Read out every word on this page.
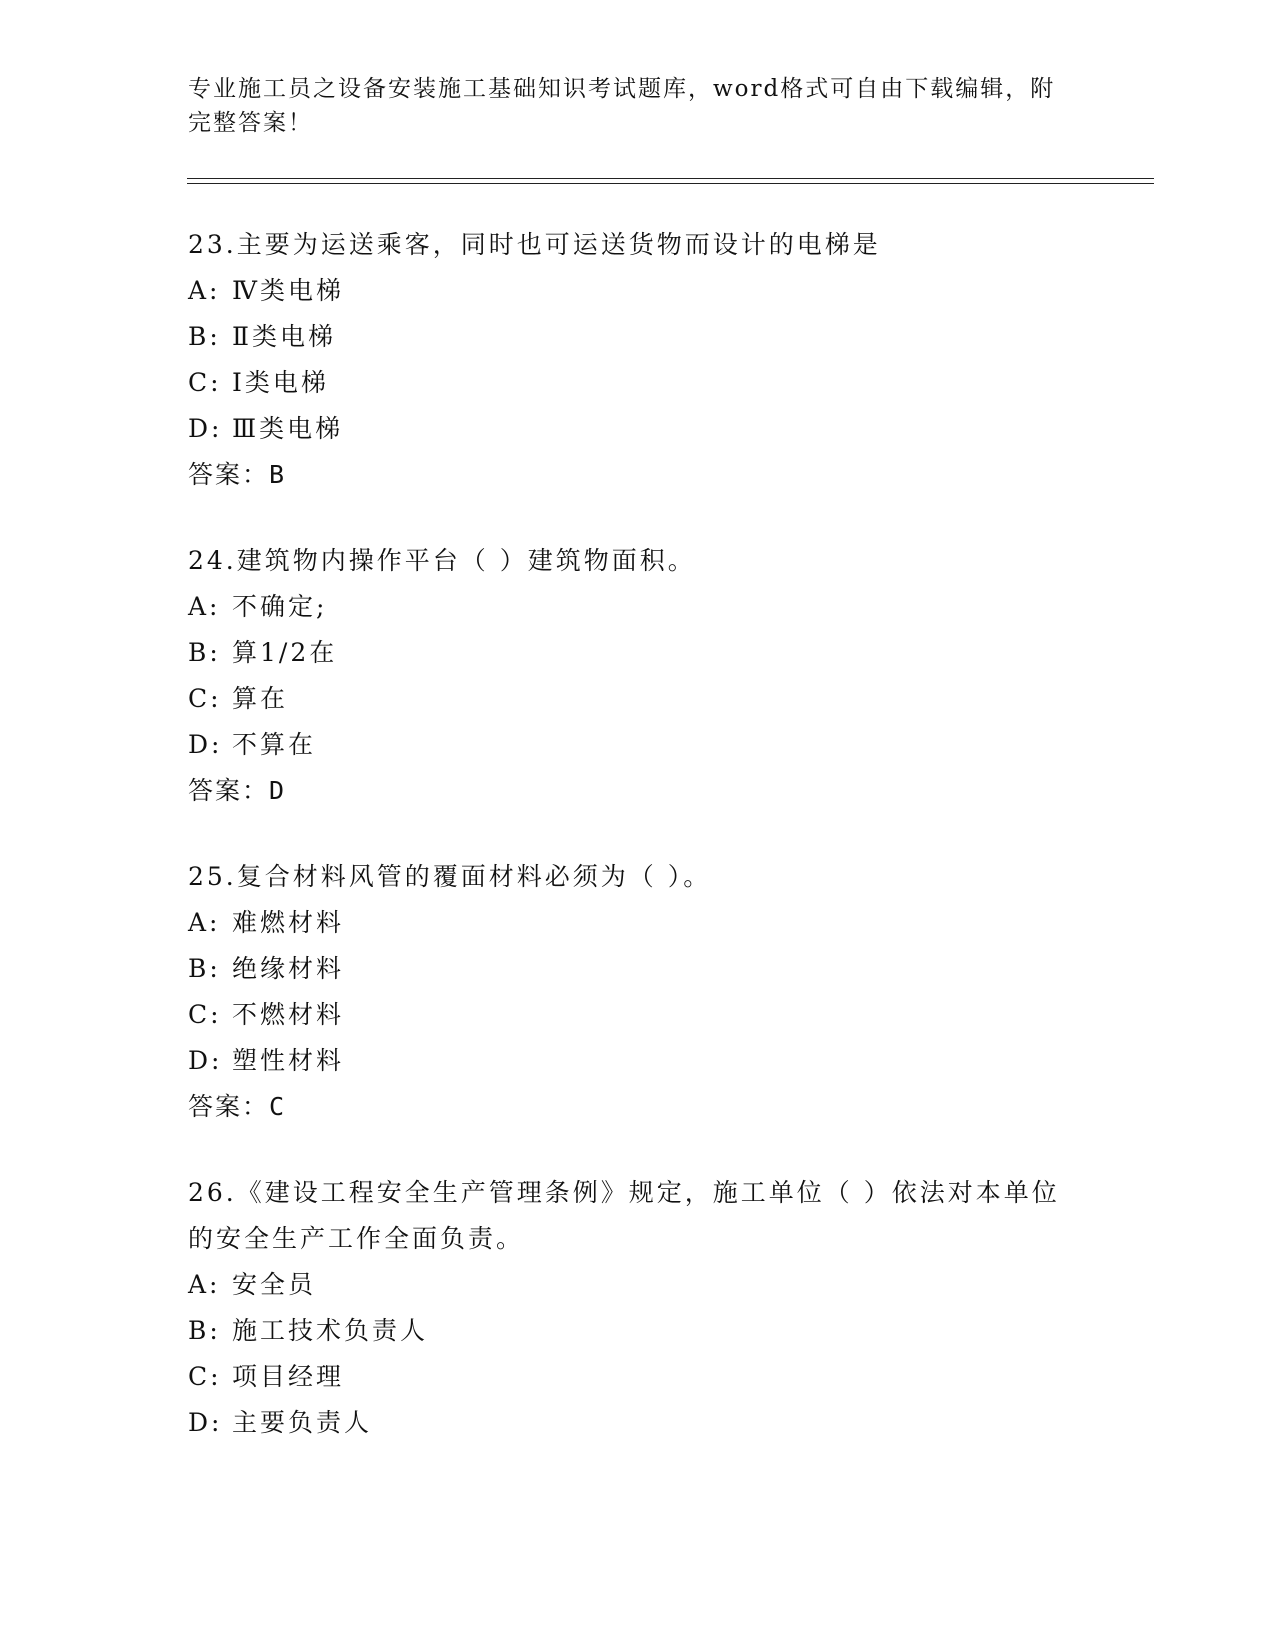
专业施工员之设备安装施工基础知识考试题库，word格式可自由下载编辑，附完整答案！

23.主要为运送乘客，同时也可运送货物而设计的电梯是

A: Ⅳ类电梯

B: Ⅱ类电梯

C: Ⅰ类电梯

D: Ⅲ类电梯

答案：B

24.建筑物内操作平台（ ）建筑物面积。

A: 不确定;

B: 算1/2在

C: 算在

D: 不算在

答案：D

25.复合材料风管的覆面材料必须为（ ）。

A: 难燃材料

B: 绝缘材料

C: 不燃材料

D: 塑性材料

答案：C

26.《建设工程安全生产管理条例》规定，施工单位（ ）依法对本单位的安全生产工作全面负责。

A: 安全员

B: 施工技术负责人

C: 项目经理

D: 主要负责人
